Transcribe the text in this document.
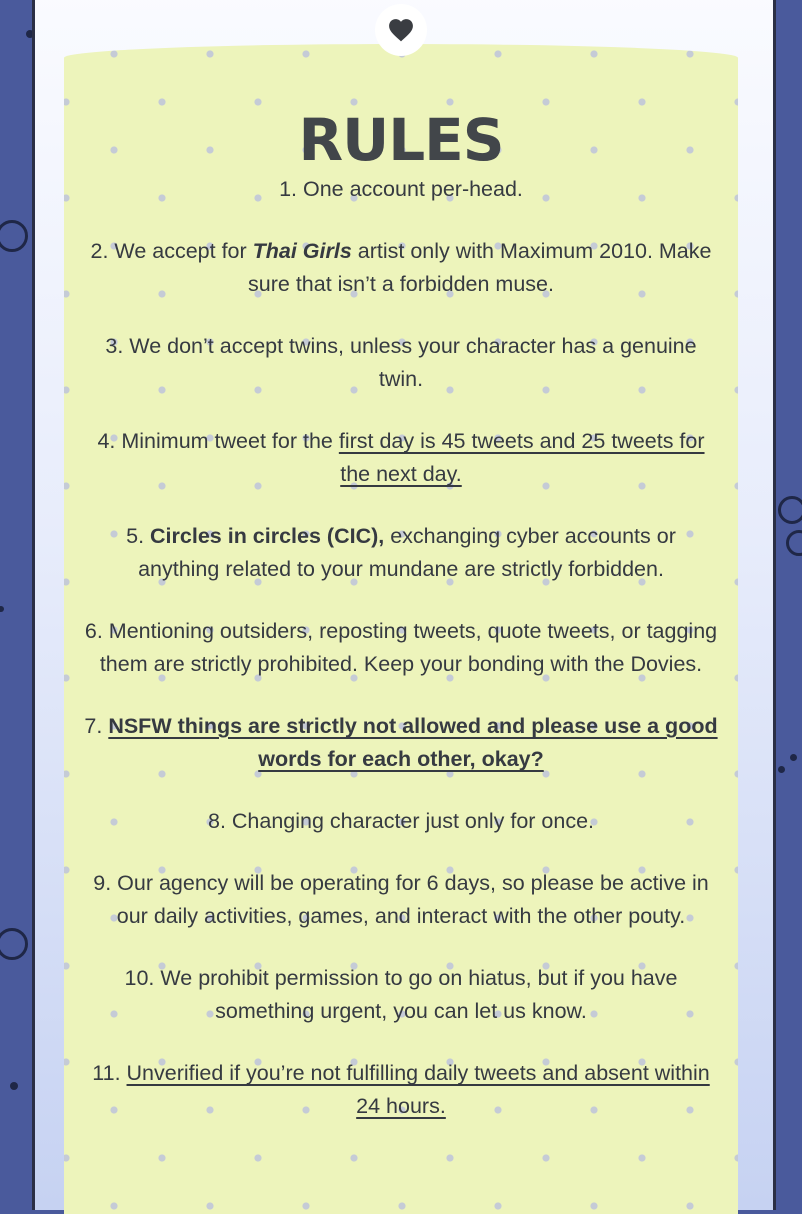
RULES

1. One account per-head.

2. We accept for Thai Girls artist only with Maximum 2010. Make sure that isn’t a forbidden muse.

3. We don’t accept twins, unless your character has a genuine twin.

4. Minimum tweet for the first day is 45 tweets and 25 tweets for the next day.

5. Circles in circles (CIC), exchanging cyber accounts or anything related to your mundane are strictly forbidden.

6. Mentioning outsiders, reposting tweets, quote tweets, or tagging them are strictly prohibited. Keep your bonding with the Dovies.

7. NSFW things are strictly not allowed and please use a good words for each other, okay?

8. Changing character just only for once.

9. Our agency will be operating for 6 days, so please be active in our daily activities, games, and interact with the other pouty.

10. We prohibit permission to go on hiatus, but if you have something urgent, you can let us know.

11. Unverified if you’re not fulfilling daily tweets and absent within 24 hours.
